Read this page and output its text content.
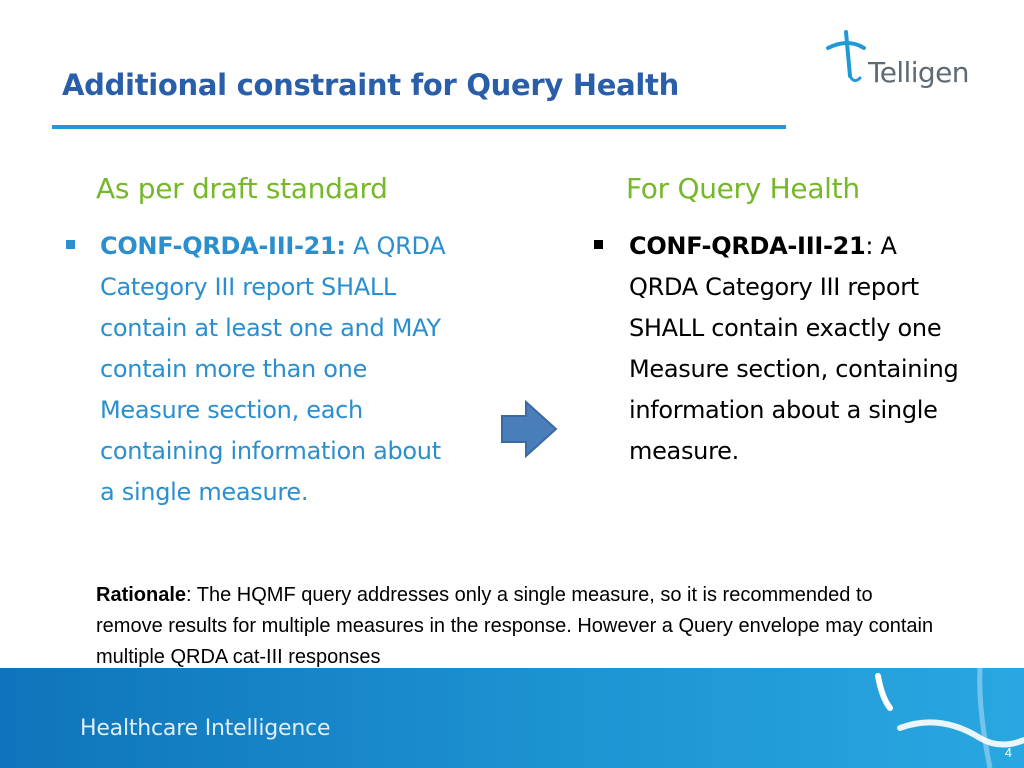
Additional constraint for Query Health	Telligen
As per draft standard	For Query Health
CONF-QRDA-III-21: A QRDA Category III report SHALL contain at least one and MAY contain more than one Measure section, each containing information about a single measure.
CONF-QRDA-III-21: A QRDA Category III report SHALL contain exactly one Measure section, containing information about a single measure.
Rationale: The HQMF query addresses only a single measure, so it is recommended to remove results for multiple measures in the response. However a Query envelope may contain multiple QRDA cat-III responses
Healthcare Intelligence
4
